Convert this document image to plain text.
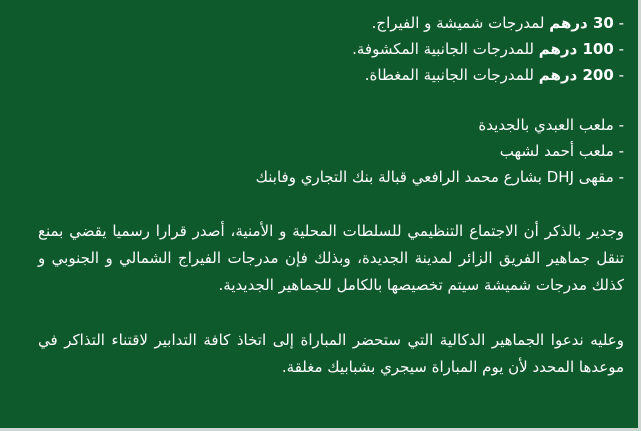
- 30 درهم لمدرجات شميشة و الفيراج.

- 100 درهم للمدرجات الجانبية المكشوفة.

- 200 درهم للمدرجات الجانبية المغطاة.

- ملعب العبدي بالجديدة

- ملعب أحمد لشهب

- مقهى DHJ بشارع محمد الرافعي قبالة بنك التجاري وفابنك

وجدير بالذكر أن الاجتماع التنظيمي للسلطات المحلية و الأمنية، أصدر قرارا رسميا يقضي بمنع تنقل جماهير الفريق الزائر لمدينة الجديدة، وبذلك فإن مدرجات الفيراج الشمالي و الجنوبي و كذلك مدرجات شميشة سيتم تخصيصها بالكامل للجماهير الجديدية.

وعليه ندعوا الجماهير الدكالية التي ستحضر المباراة إلى اتخاذ كافة التدابير لاقتناء التذاكر في موعدها المحدد لأن يوم المباراة سيجري بشبابيك مغلقة.
